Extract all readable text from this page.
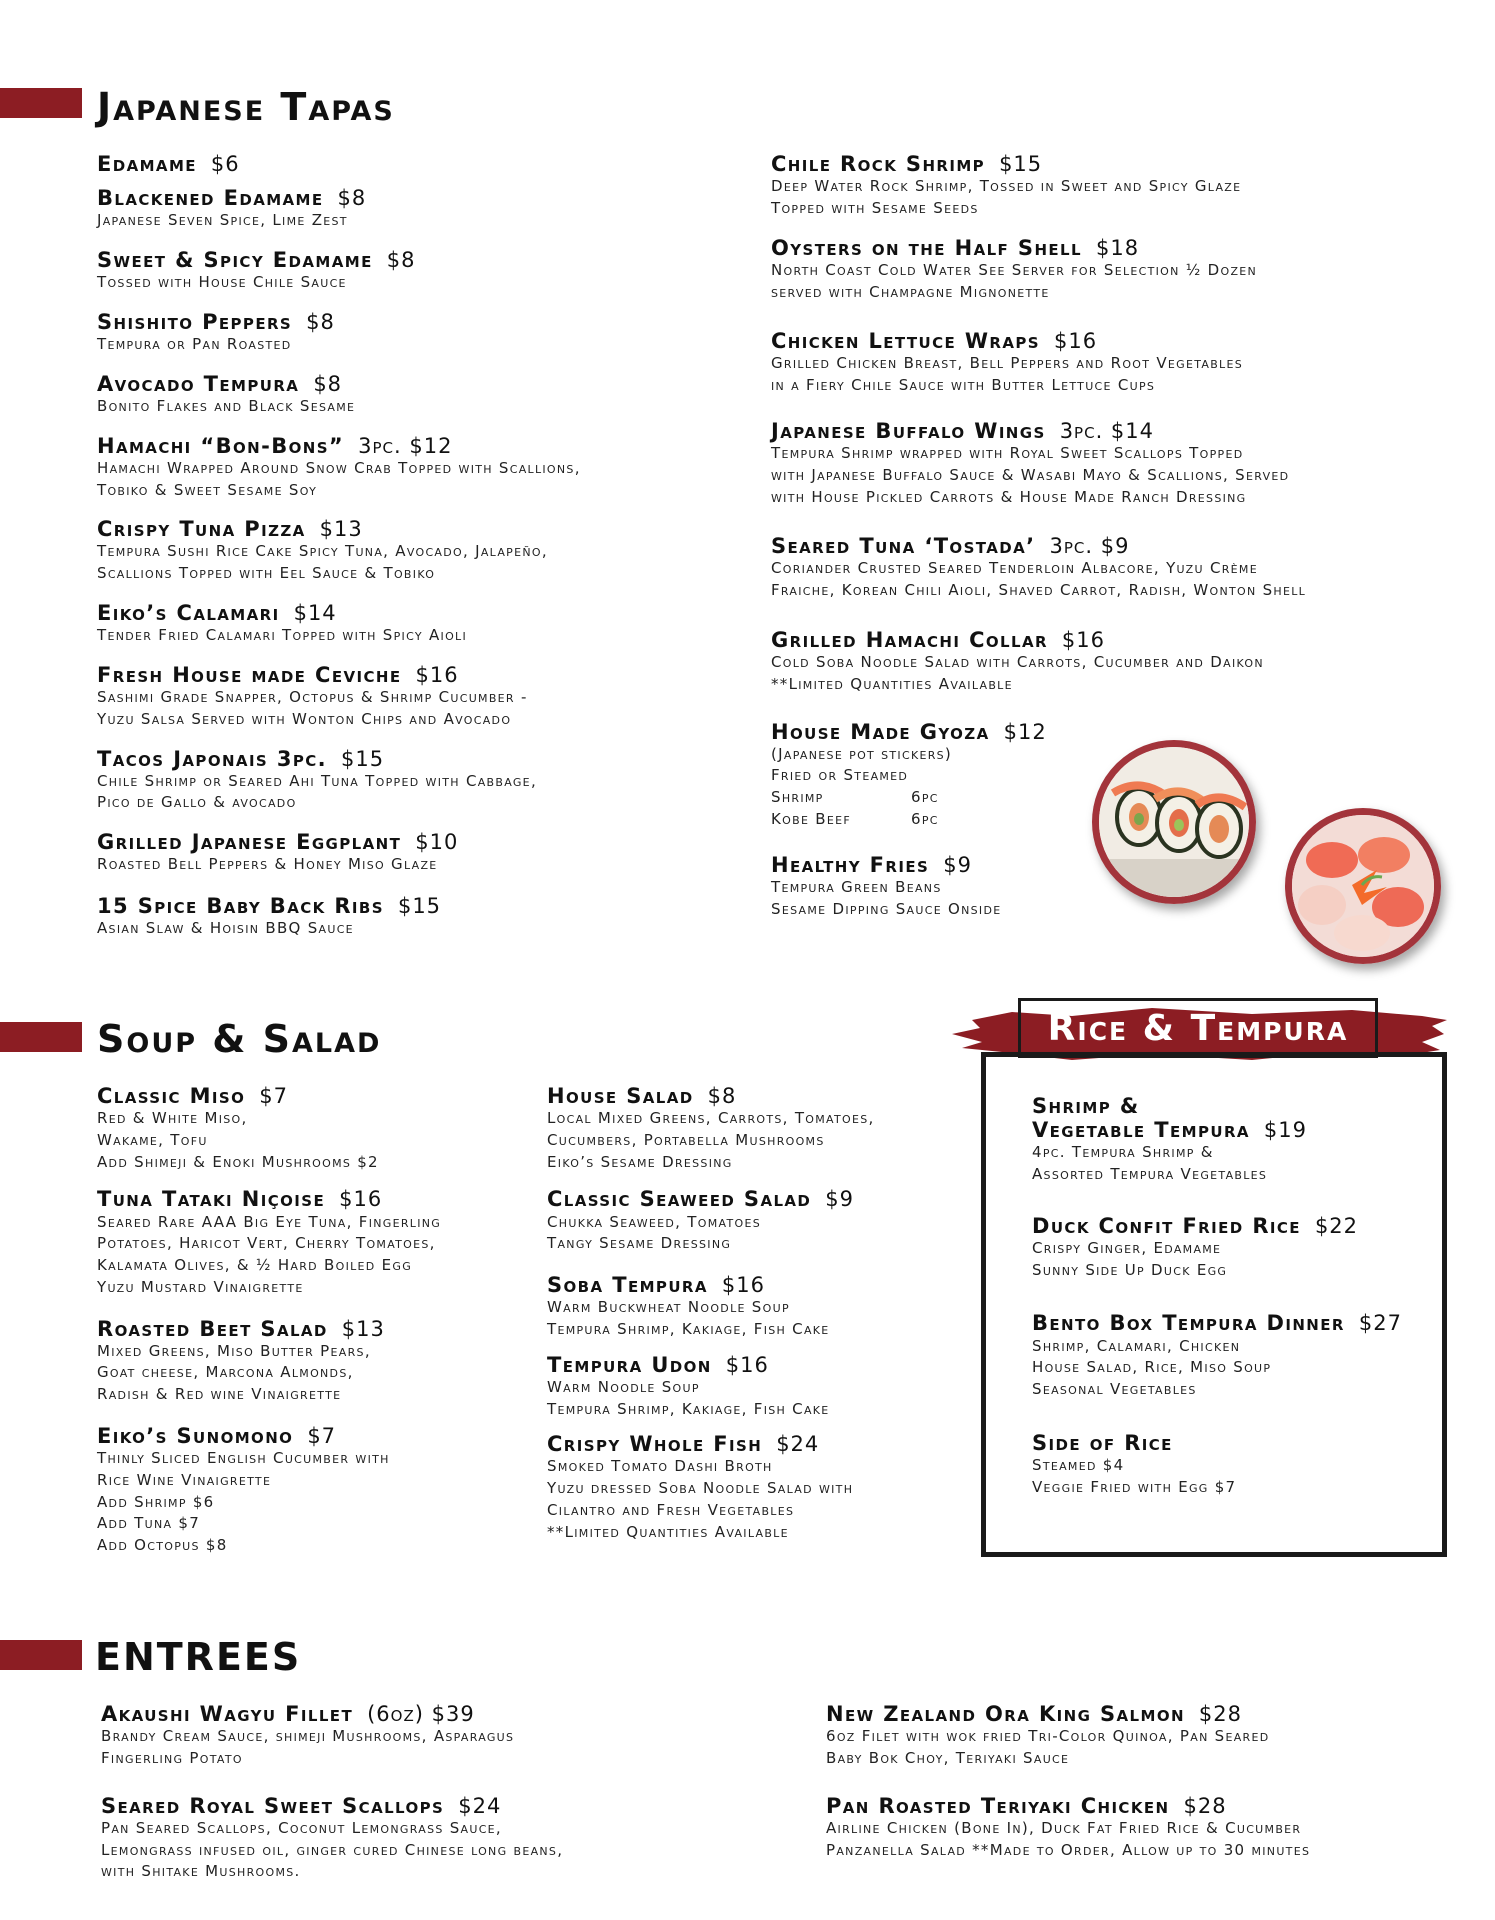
Japanese Tapas
Edamame $6
Blackened Edamame $8
Japanese Seven Spice, Lime Zest
Sweet & Spicy Edamame $8
Tossed with House Chile Sauce
Shishito Peppers $8
Tempura or Pan Roasted
Avocado Tempura $8
Bonito Flakes and Black Sesame
Hamachi “Bon-Bons” 3pc. $12
Hamachi Wrapped Around Snow Crab Topped with Scallions,
Tobiko & Sweet Sesame Soy
Crispy Tuna Pizza $13
Tempura Sushi Rice Cake Spicy Tuna, Avocado, Jalapeño,
Scallions Topped with Eel Sauce & Tobiko
Eiko’s Calamari $14
Tender Fried Calamari Topped with Spicy Aioli
Fresh House made Ceviche $16
Sashimi Grade Snapper, Octopus & Shrimp Cucumber -
Yuzu Salsa Served with Wonton Chips and Avocado
Tacos Japonais 3pc. $15
Chile Shrimp or Seared Ahi Tuna Topped with Cabbage,
Pico de Gallo & avocado
Grilled Japanese Eggplant $10
Roasted Bell Peppers & Honey Miso Glaze
15 Spice Baby Back Ribs $15
Asian Slaw & Hoisin BBQ Sauce
Chile Rock Shrimp $15
Deep Water Rock Shrimp, Tossed in Sweet and Spicy Glaze
Topped with Sesame Seeds
Oysters on the Half Shell $18
North Coast Cold Water See Server for Selection ½ Dozen
served with Champagne Mignonette
Chicken Lettuce Wraps $16
Grilled Chicken Breast, Bell Peppers and Root Vegetables
in a Fiery Chile Sauce with Butter Lettuce Cups
Japanese Buffalo Wings 3pc. $14
Tempura Shrimp wrapped with Royal Sweet Scallops Topped
with Japanese Buffalo Sauce & Wasabi Mayo & Scallions, Served
with House Pickled Carrots & House Made Ranch Dressing
Seared Tuna ‘Tostada’ 3pc. $9
Coriander Crusted Seared Tenderloin Albacore, Yuzu Crème
Fraiche, Korean Chili Aioli, Shaved Carrot, Radish, Wonton Shell
Grilled Hamachi Collar $16
Cold Soba Noodle Salad with Carrots, Cucumber and Daikon
**Limited Quantities Available
House Made Gyoza $12
(Japanese pot stickers)
Fried or Steamed
Shrimp	6pc
Kobe Beef	6pc
Healthy Fries $9
Tempura Green Beans
Sesame Dipping Sauce Onside
Soup & Salad
Classic Miso $7
Red & White Miso,
Wakame, Tofu
Add Shimeji & Enoki Mushrooms $2
Tuna Tataki Niçoise $16
Seared Rare AAA Big Eye Tuna, Fingerling
Potatoes, Haricot Vert, Cherry Tomatoes,
Kalamata Olives, & ½ Hard Boiled Egg
Yuzu Mustard Vinaigrette
Roasted Beet Salad $13
Mixed Greens, Miso Butter Pears,
Goat cheese, Marcona Almonds,
Radish & Red wine Vinaigrette
Eiko’s Sunomono $7
Thinly Sliced English Cucumber with
Rice Wine Vinaigrette
Add Shrimp $6
Add Tuna $7
Add Octopus $8
House Salad $8
Local Mixed Greens, Carrots, Tomatoes,
Cucumbers, Portabella Mushrooms
Eiko’s Sesame Dressing
Classic Seaweed Salad $9
Chukka Seaweed, Tomatoes
Tangy Sesame Dressing
Soba Tempura $16
Warm Buckwheat Noodle Soup
Tempura Shrimp, Kakiage, Fish Cake
Tempura Udon $16
Warm Noodle Soup
Tempura Shrimp, Kakiage, Fish Cake
Crispy Whole Fish $24
Smoked Tomato Dashi Broth
Yuzu dressed Soba Noodle Salad with
Cilantro and Fresh Vegetables
**Limited Quantities Available
Rice & Tempura
Shrimp &
Vegetable Tempura $19
4pc. Tempura Shrimp &
Assorted Tempura Vegetables
Duck Confit Fried Rice $22
Crispy Ginger, Edamame
Sunny Side Up Duck Egg
Bento Box Tempura Dinner $27
Shrimp, Calamari, Chicken
House Salad, Rice, Miso Soup
Seasonal Vegetables
Side of Rice
Steamed $4
Veggie Fried with Egg $7
ENTREES
Akaushi Wagyu Fillet (6oz) $39
Brandy Cream Sauce, shimeji Mushrooms, Asparagus
Fingerling Potato
Seared Royal Sweet Scallops $24
Pan Seared Scallops, Coconut Lemongrass Sauce,
Lemongrass infused oil, ginger cured Chinese long beans,
with Shitake Mushrooms.
New Zealand Ora King Salmon $28
6oz Filet with wok fried Tri-Color Quinoa, Pan Seared
Baby Bok Choy, Teriyaki Sauce
Pan Roasted Teriyaki Chicken $28
Airline Chicken (Bone In), Duck Fat Fried Rice & Cucumber
Panzanella Salad **Made to Order, Allow up to 30 minutes
